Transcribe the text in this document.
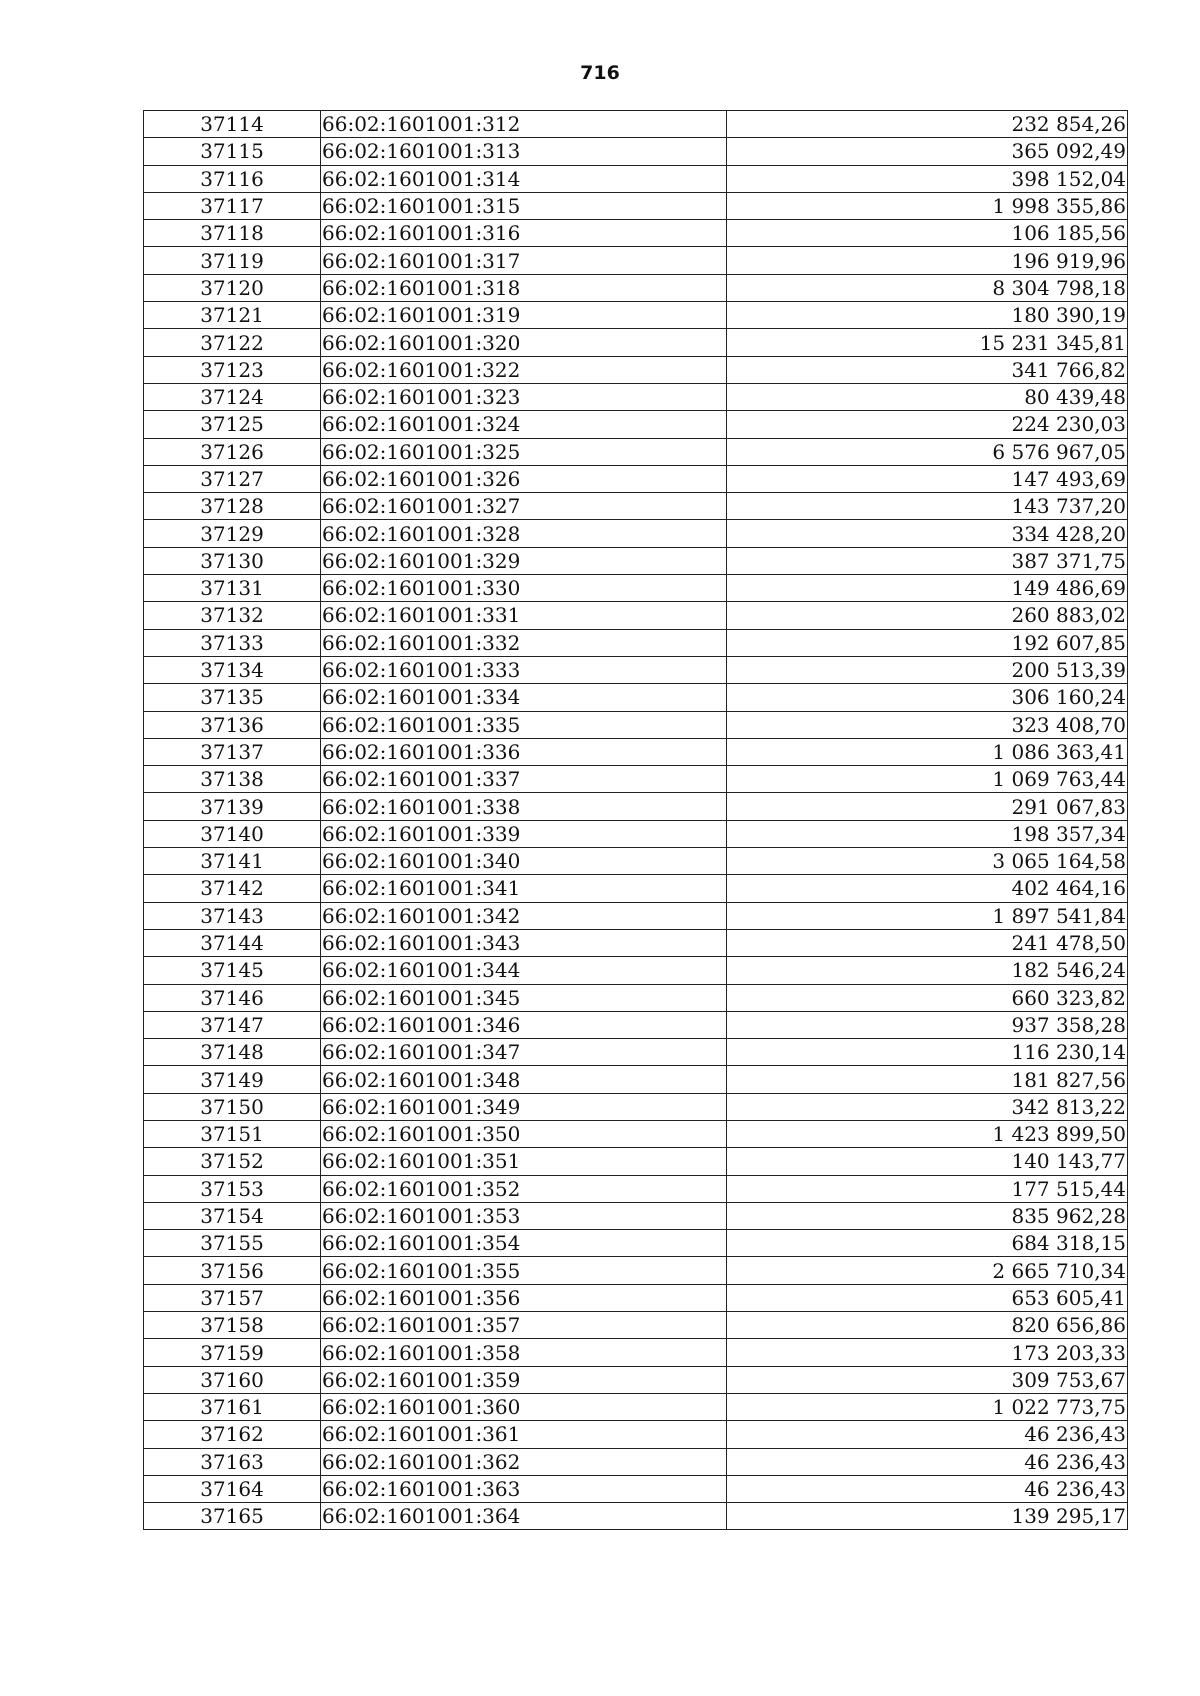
716
37114	66:02:1601001:312	232 854,26
37115	66:02:1601001:313	365 092,49
37116	66:02:1601001:314	398 152,04
37117	66:02:1601001:315	1 998 355,86
37118	66:02:1601001:316	106 185,56
37119	66:02:1601001:317	196 919,96
37120	66:02:1601001:318	8 304 798,18
37121	66:02:1601001:319	180 390,19
37122	66:02:1601001:320	15 231 345,81
37123	66:02:1601001:322	341 766,82
37124	66:02:1601001:323	80 439,48
37125	66:02:1601001:324	224 230,03
37126	66:02:1601001:325	6 576 967,05
37127	66:02:1601001:326	147 493,69
37128	66:02:1601001:327	143 737,20
37129	66:02:1601001:328	334 428,20
37130	66:02:1601001:329	387 371,75
37131	66:02:1601001:330	149 486,69
37132	66:02:1601001:331	260 883,02
37133	66:02:1601001:332	192 607,85
37134	66:02:1601001:333	200 513,39
37135	66:02:1601001:334	306 160,24
37136	66:02:1601001:335	323 408,70
37137	66:02:1601001:336	1 086 363,41
37138	66:02:1601001:337	1 069 763,44
37139	66:02:1601001:338	291 067,83
37140	66:02:1601001:339	198 357,34
37141	66:02:1601001:340	3 065 164,58
37142	66:02:1601001:341	402 464,16
37143	66:02:1601001:342	1 897 541,84
37144	66:02:1601001:343	241 478,50
37145	66:02:1601001:344	182 546,24
37146	66:02:1601001:345	660 323,82
37147	66:02:1601001:346	937 358,28
37148	66:02:1601001:347	116 230,14
37149	66:02:1601001:348	181 827,56
37150	66:02:1601001:349	342 813,22
37151	66:02:1601001:350	1 423 899,50
37152	66:02:1601001:351	140 143,77
37153	66:02:1601001:352	177 515,44
37154	66:02:1601001:353	835 962,28
37155	66:02:1601001:354	684 318,15
37156	66:02:1601001:355	2 665 710,34
37157	66:02:1601001:356	653 605,41
37158	66:02:1601001:357	820 656,86
37159	66:02:1601001:358	173 203,33
37160	66:02:1601001:359	309 753,67
37161	66:02:1601001:360	1 022 773,75
37162	66:02:1601001:361	46 236,43
37163	66:02:1601001:362	46 236,43
37164	66:02:1601001:363	46 236,43
37165	66:02:1601001:364	139 295,17
